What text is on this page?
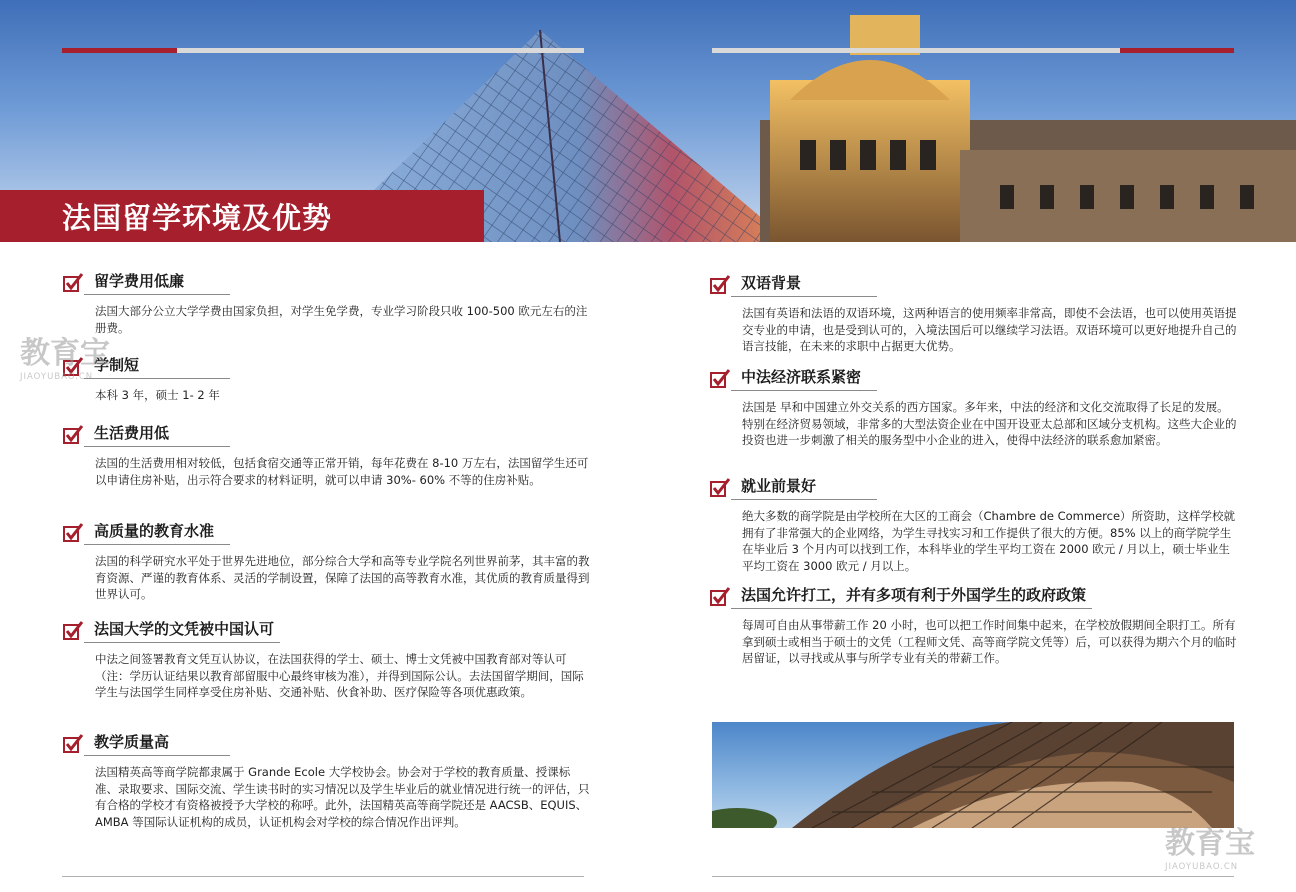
法国留学环境及优势
留学费用低廉
法国大部分公立大学学费由国家负担，对学生免学费，专业学习阶段只收 100-500 欧元左右的注册费。
学制短
本科 3 年，硕士 1- 2 年
生活费用低
法国的生活费用相对较低，包括食宿交通等正常开销，每年花费在 8-10 万左右，法国留学生还可以申请住房补贴，出示符合要求的材料证明，就可以申请 30%- 60% 不等的住房补贴。
高质量的教育水准
法国的科学研究水平处于世界先进地位，部分综合大学和高等专业学院名列世界前茅，其丰富的教育资源、严谨的教育体系、灵活的学制设置，保障了法国的高等教育水准，其优质的教育质量得到世界认可。
法国大学的文凭被中国认可
中法之间签署教育文凭互认协议，在法国获得的学士、硕士、博士文凭被中国教育部对等认可（注：学历认证结果以教育部留服中心最终审核为准），并得到国际公认。去法国留学期间，国际学生与法国学生同样享受住房补贴、交通补贴、伙食补助、医疗保险等各项优惠政策。
教学质量高
法国精英高等商学院都隶属于 Grande Ecole 大学校协会。协会对于学校的教育质量、授课标准、录取要求、国际交流、学生读书时的实习情况以及学生毕业后的就业情况进行统一的评估，只有合格的学校才有资格被授予大学校的称呼。此外，法国精英高等商学院还是 AACSB、EQUIS、AMBA 等国际认证机构的成员，认证机构会对学校的综合情况作出评判。
双语背景
法国有英语和法语的双语环境，这两种语言的使用频率非常高，即使不会法语，也可以使用英语提交专业的申请，也是受到认可的，入境法国后可以继续学习法语。双语环境可以更好地提升自己的语言技能，在未来的求职中占据更大优势。
中法经济联系紧密
法国是 早和中国建立外交关系的西方国家。多年来，中法的经济和文化交流取得了长足的发展。特别在经济贸易领域，非常多的大型法资企业在中国开设亚太总部和区域分支机构。这些大企业的投资也进一步刺激了相关的服务型中小企业的进入，使得中法经济的联系愈加紧密。
就业前景好
绝大多数的商学院是由学校所在大区的工商会（Chambre de Commerce）所资助，这样学校就拥有了非常强大的企业网络，为学生寻找实习和工作提供了很大的方便。85% 以上的商学院学生在毕业后 3 个月内可以找到工作，本科毕业的学生平均工资在 2000 欧元 / 月以上，硕士毕业生平均工资在 3000 欧元 / 月以上。
法国允许打工，并有多项有利于外国学生的政府政策
每周可自由从事带薪工作 20 小时，也可以把工作时间集中起来，在学校放假期间全职打工。所有拿到硕士或相当于硕士的文凭（工程师文凭、高等商学院文凭等）后，可以获得为期六个月的临时居留证，以寻找或从事与所学专业有关的带薪工作。
教育宝
JIAOYUBAO.CN
教育宝
JIAOYUBAO.CN
